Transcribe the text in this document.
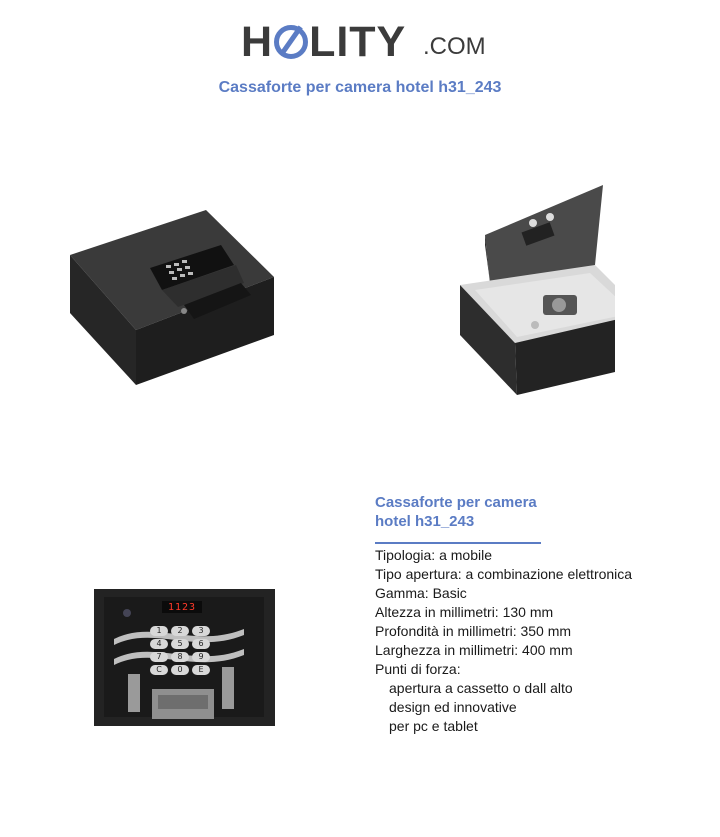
H LITY .COM
Cassaforte per camera hotel h31_243
1123
1	2	3
4	5	6
7	8	9
C	0	E
Cassaforte per camera
hotel h31_243
Tipologia: a mobile
Tipo apertura: a combinazione elettronica
Gamma: Basic
Altezza in millimetri: 130 mm
Profondità in millimetri: 350 mm
Larghezza in millimetri: 400 mm
Punti di forza:
apertura a cassetto o dall alto
design ed innovative
per pc e tablet
